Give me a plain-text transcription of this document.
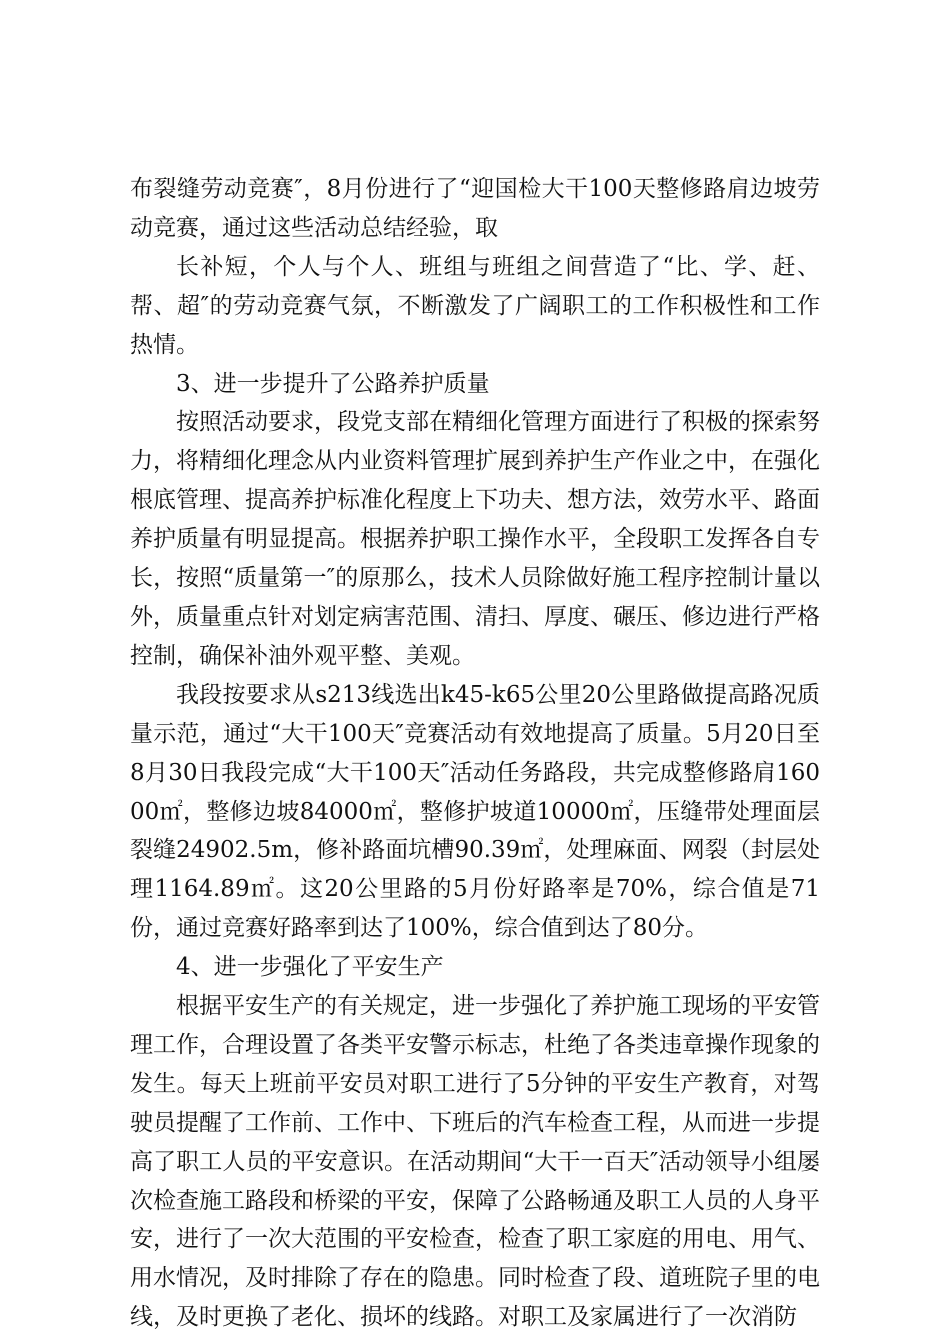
布裂缝劳动竞赛″，8月份进行了“迎国检大干100天整修路肩边坡劳动竞赛，通过这些活动总结经验，取

长补短，个人与个人、班组与班组之间营造了“比、学、赶、帮、超″的劳动竞赛气氛，不断激发了广阔职工的工作积极性和工作热情。

3、进一步提升了公路养护质量

按照活动要求，段党支部在精细化管理方面进行了积极的探索努力，将精细化理念从内业资料管理扩展到养护生产作业之中，在强化根底管理、提高养护标准化程度上下功夫、想方法，效劳水平、路面养护质量有明显提高。根据养护职工操作水平，全段职工发挥各自专长，按照“质量第一″的原那么，技术人员除做好施工程序控制计量以外，质量重点针对划定病害范围、清扫、厚度、碾压、修边进行严格控制，确保补油外观平整、美观。

我段按要求从s213线选出k45-k65公里20公里路做提高路况质量示范，通过“大干100天″竞赛活动有效地提高了质量。5月20日至8月30日我段完成“大干100天″活动任务路段，共完成整修路肩16000㎡，整修边坡84000㎡，整修护坡道10000㎡，压缝带处理面层裂缝24902.5m，修补路面坑槽90.39㎡，处理麻面、网裂（封层处理1164.89㎡。这20公里路的5月份好路率是70%，综合值是71份，通过竞赛好路率到达了100%，综合值到达了80分。

4、进一步强化了平安生产

根据平安生产的有关规定，进一步强化了养护施工现场的平安管理工作，合理设置了各类平安警示标志，杜绝了各类违章操作现象的发生。每天上班前平安员对职工进行了5分钟的平安生产教育，对驾驶员提醒了工作前、工作中、下班后的汽车检查工程，从而进一步提高了职工人员的平安意识。在活动期间“大干一百天″活动领导小组屡次检查施工路段和桥梁的平安，保障了公路畅通及职工人员的人身平安，进行了一次大范围的平安检查，检查了职工家庭的用电、用气、用水情况，及时排除了存在的隐患。同时检查了段、道班院子里的电线，及时更换了老化、损坏的线路。对职工及家属进行了一次消防
